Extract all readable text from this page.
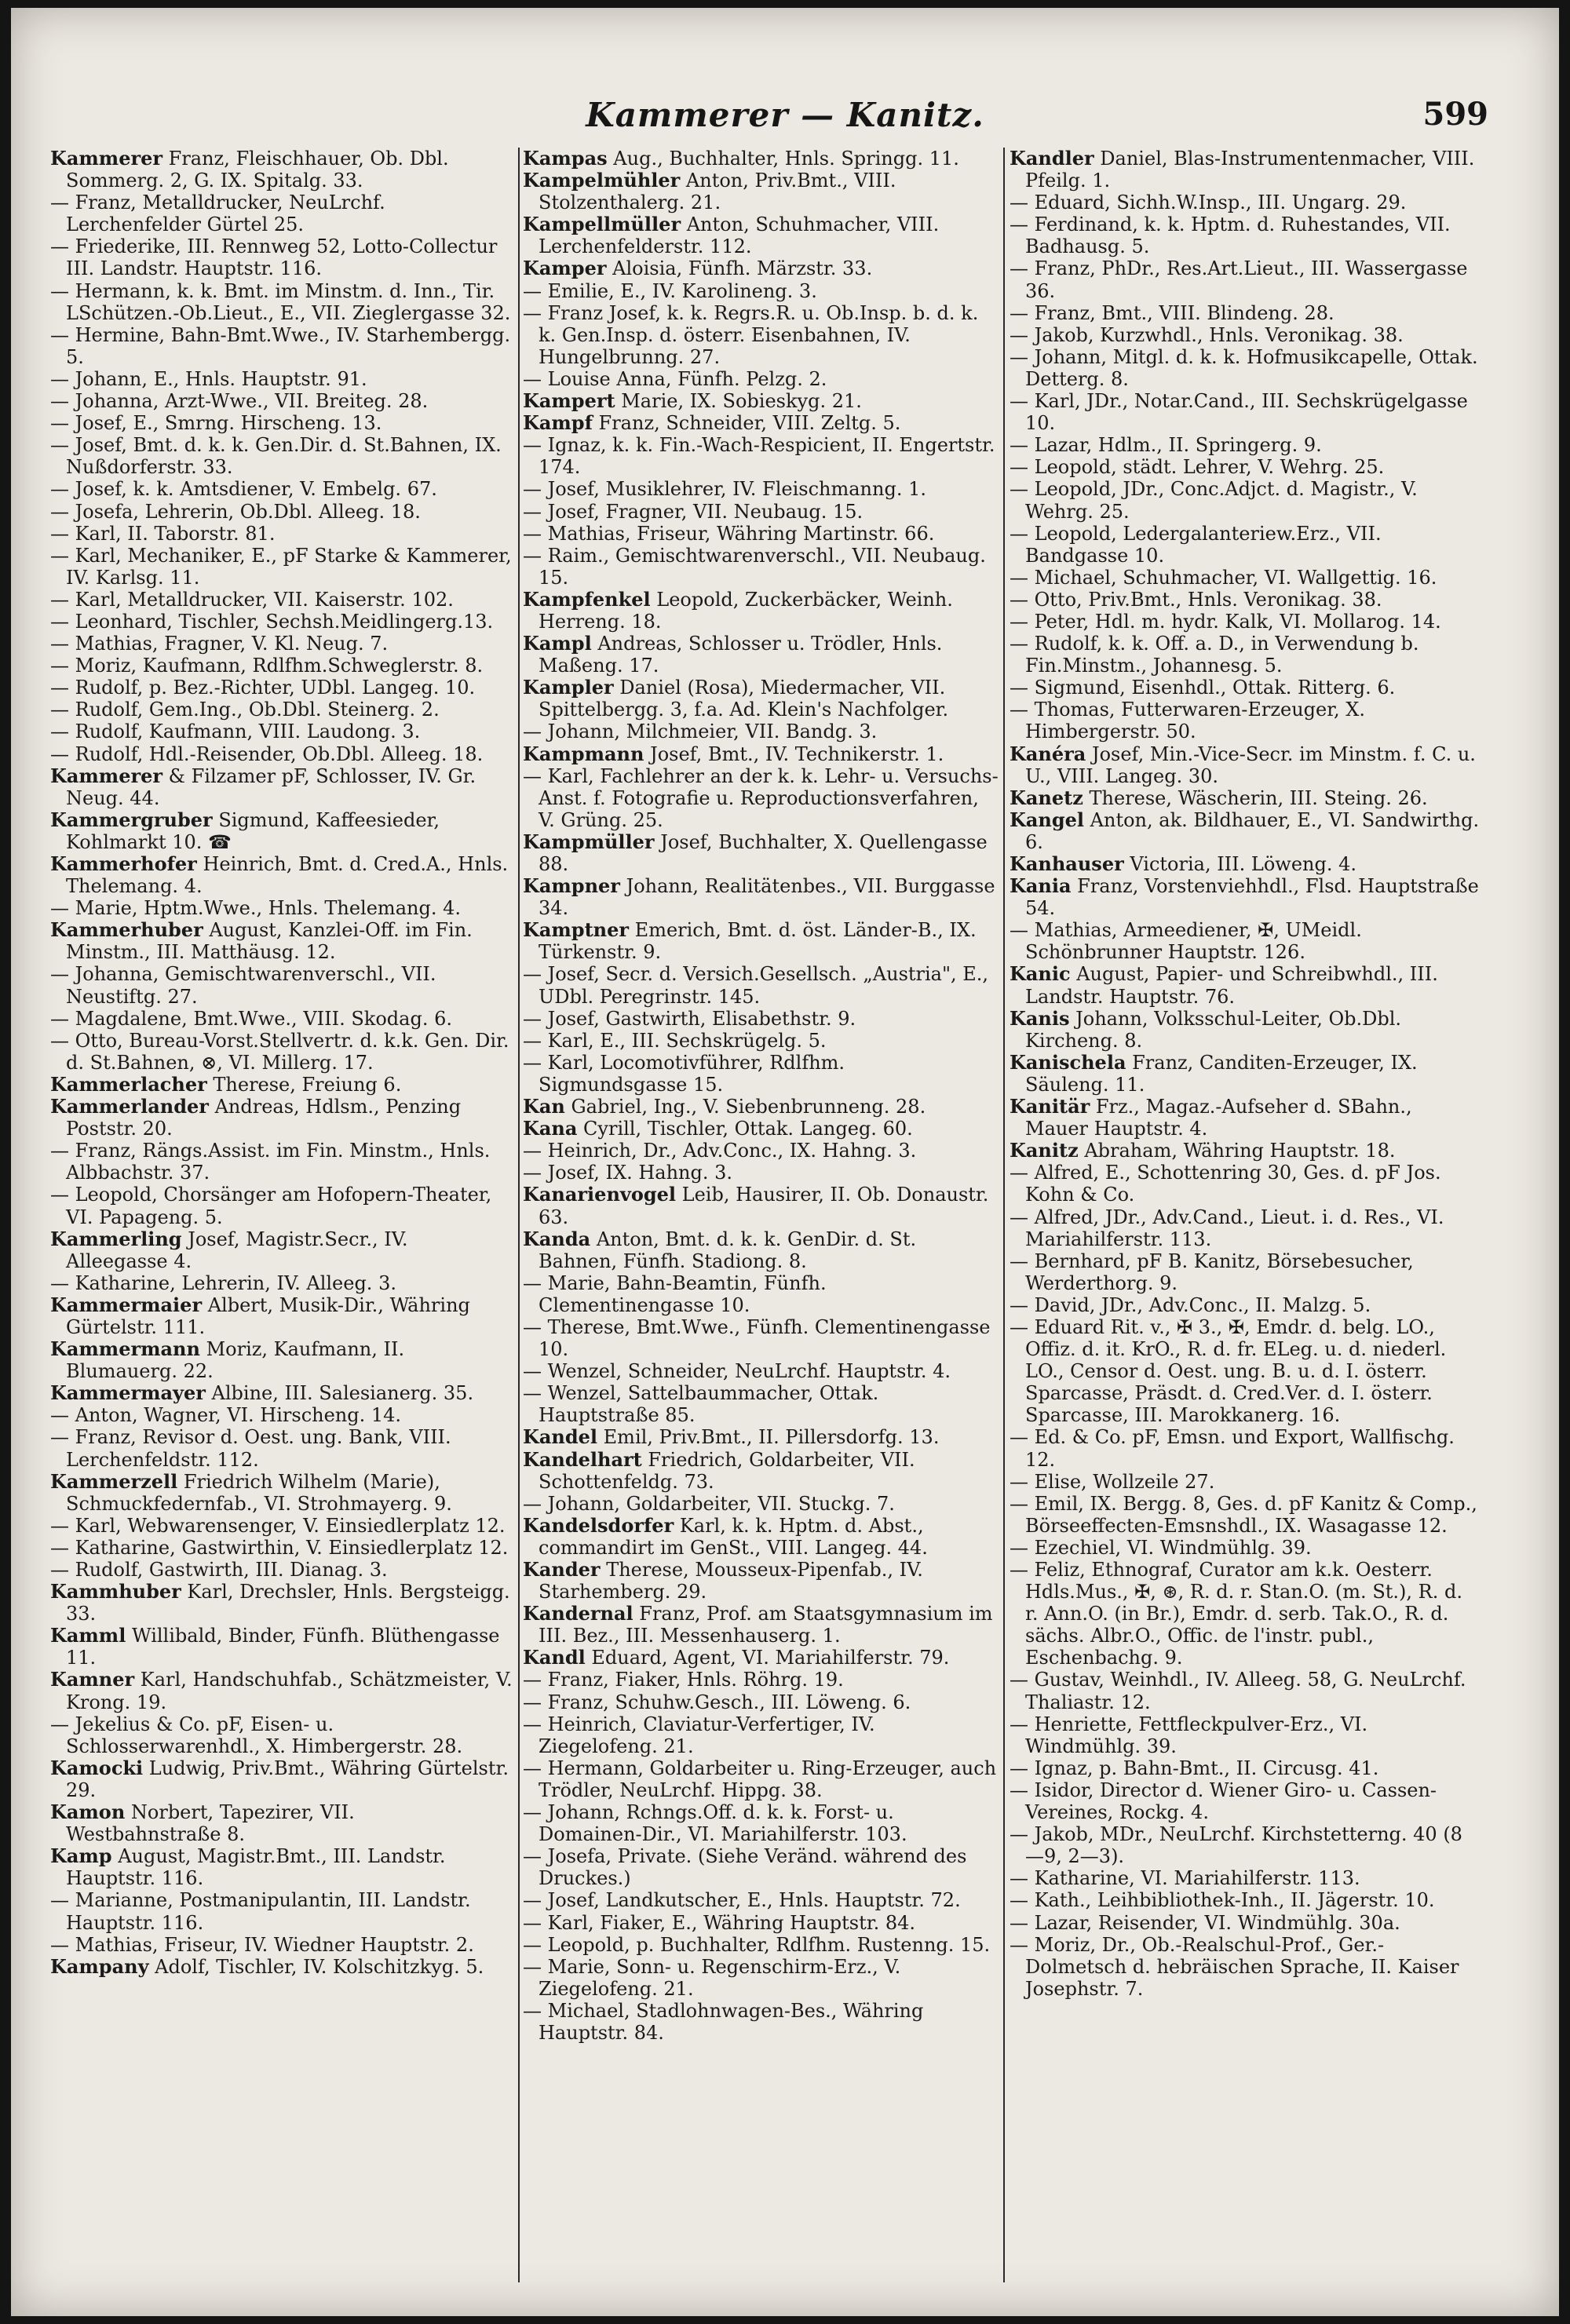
Kammerer — Kanitz.	599

Kammerer Franz, Fleischhauer, Ob. Dbl. Sommerg. 2, G. IX. Spitalg. 33.

— Franz, Metalldrucker, NeuLrchf. Lerchenfelder Gürtel 25.

— Friederike, III. Rennweg 52, Lotto-Collectur III. Landstr. Hauptstr. 116.

— Hermann, k. k. Bmt. im Minstm. d. Inn., Tir. LSchützen.-Ob.Lieut., E., VII. Zieglergasse 32.

— Hermine, Bahn-Bmt.Wwe., IV. Starhembergg. 5.

— Johann, E., Hnls. Hauptstr. 91.

— Johanna, Arzt-Wwe., VII. Breiteg. 28.

— Josef, E., Smrng. Hirscheng. 13.

— Josef, Bmt. d. k. k. Gen.Dir. d. St.Bahnen, IX. Nußdorferstr. 33.

— Josef, k. k. Amtsdiener, V. Embelg. 67.

— Josefa, Lehrerin, Ob.Dbl. Alleeg. 18.

— Karl, II. Taborstr. 81.

— Karl, Mechaniker, E., pF Starke & Kammerer, IV. Karlsg. 11.

— Karl, Metalldrucker, VII. Kaiserstr. 102.

— Leonhard, Tischler, Sechsh.Meidlingerg.13.

— Mathias, Fragner, V. Kl. Neug. 7.

— Moriz, Kaufmann, Rdlfhm.Schweglerstr. 8.

— Rudolf, p. Bez.-Richter, UDbl. Langeg. 10.

— Rudolf, Gem.Ing., Ob.Dbl. Steinerg. 2.

— Rudolf, Kaufmann, VIII. Laudong. 3.

— Rudolf, Hdl.-Reisender, Ob.Dbl. Alleeg. 18.

Kammerer & Filzamer pF, Schlosser, IV. Gr. Neug. 44.

Kammergruber Sigmund, Kaffeesieder, Kohlmarkt 10. ☎

Kammerhofer Heinrich, Bmt. d. Cred.A., Hnls. Thelemang. 4.

— Marie, Hptm.Wwe., Hnls. Thelemang. 4.

Kammerhuber August, Kanzlei-Off. im Fin. Minstm., III. Matthäusg. 12.

— Johanna, Gemischtwarenverschl., VII. Neustiftg. 27.

— Magdalene, Bmt.Wwe., VIII. Skodag. 6.

— Otto, Bureau-Vorst.Stellvertr. d. k.k. Gen. Dir. d. St.Bahnen, ⊗, VI. Millerg. 17.

Kammerlacher Therese, Freiung 6.

Kammerlander Andreas, Hdlsm., Penzing Poststr. 20.

— Franz, Rängs.Assist. im Fin. Minstm., Hnls. Albbachstr. 37.

— Leopold, Chorsänger am Hofopern-Theater, VI. Papageng. 5.

Kammerling Josef, Magistr.Secr., IV. Alleegasse 4.

— Katharine, Lehrerin, IV. Alleeg. 3.

Kammermaier Albert, Musik-Dir., Währing Gürtelstr. 111.

Kammermann Moriz, Kaufmann, II. Blumauerg. 22.

Kammermayer Albine, III. Salesianerg. 35.

— Anton, Wagner, VI. Hirscheng. 14.

— Franz, Revisor d. Oest. ung. Bank, VIII. Lerchenfeldstr. 112.

Kammerzell Friedrich Wilhelm (Marie), Schmuckfedernfab., VI. Strohmayerg. 9.

— Karl, Webwarensenger, V. Einsiedlerplatz 12.

— Katharine, Gastwirthin, V. Einsiedlerplatz 12.

— Rudolf, Gastwirth, III. Dianag. 3.

Kammhuber Karl, Drechsler, Hnls. Bergsteigg. 33.

Kamml Willibald, Binder, Fünfh. Blüthengasse 11.

Kamner Karl, Handschuhfab., Schätzmeister, V. Krong. 19.

— Jekelius & Co. pF, Eisen- u. Schlosserwarenhdl., X. Himbergerstr. 28.

Kamocki Ludwig, Priv.Bmt., Währing Gürtelstr. 29.

Kamon Norbert, Tapezirer, VII. Westbahnstraße 8.

Kamp August, Magistr.Bmt., III. Landstr. Hauptstr. 116.

— Marianne, Postmanipulantin, III. Landstr. Hauptstr. 116.

— Mathias, Friseur, IV. Wiedner Hauptstr. 2.

Kampany Adolf, Tischler, IV. Kolschitzkyg. 5.

Kampas Aug., Buchhalter, Hnls. Springg. 11.

Kampelmühler Anton, Priv.Bmt., VIII. Stolzenthalerg. 21.

Kampellmüller Anton, Schuhmacher, VIII. Lerchenfelderstr. 112.

Kamper Aloisia, Fünfh. Märzstr. 33.

— Emilie, E., IV. Karolineng. 3.

— Franz Josef, k. k. Regrs.R. u. Ob.Insp. b. d. k. k. Gen.Insp. d. österr. Eisenbahnen, IV. Hungelbrunng. 27.

— Louise Anna, Fünfh. Pelzg. 2.

Kampert Marie, IX. Sobieskyg. 21.

Kampf Franz, Schneider, VIII. Zeltg. 5.

— Ignaz, k. k. Fin.-Wach-Respicient, II. Engertstr. 174.

— Josef, Musiklehrer, IV. Fleischmanng. 1.

— Josef, Fragner, VII. Neubaug. 15.

— Mathias, Friseur, Währing Martinstr. 66.

— Raim., Gemischtwarenverschl., VII. Neubaug. 15.

Kampfenkel Leopold, Zuckerbäcker, Weinh. Herreng. 18.

Kampl Andreas, Schlosser u. Trödler, Hnls. Maßeng. 17.

Kampler Daniel (Rosa), Miedermacher, VII. Spittelbergg. 3, f.a. Ad. Klein's Nachfolger.

— Johann, Milchmeier, VII. Bandg. 3.

Kampmann Josef, Bmt., IV. Technikerstr. 1.

— Karl, Fachlehrer an der k. k. Lehr- u. Versuchs-Anst. f. Fotografie u. Reproductionsverfahren, V. Grüng. 25.

Kampmüller Josef, Buchhalter, X. Quellengasse 88.

Kampner Johann, Realitätenbes., VII. Burggasse 34.

Kamptner Emerich, Bmt. d. öst. Länder-B., IX. Türkenstr. 9.

— Josef, Secr. d. Versich.Gesellsch. „Austria", E., UDbl. Peregrinstr. 145.

— Josef, Gastwirth, Elisabethstr. 9.

— Karl, E., III. Sechskrügelg. 5.

— Karl, Locomotivführer, Rdlfhm. Sigmundsgasse 15.

Kan Gabriel, Ing., V. Siebenbrunneng. 28.

Kana Cyrill, Tischler, Ottak. Langeg. 60.

— Heinrich, Dr., Adv.Conc., IX. Hahng. 3.

— Josef, IX. Hahng. 3.

Kanarienvogel Leib, Hausirer, II. Ob. Donaustr. 63.

Kanda Anton, Bmt. d. k. k. GenDir. d. St. Bahnen, Fünfh. Stadiong. 8.

— Marie, Bahn-Beamtin, Fünfh. Clementinengasse 10.

— Therese, Bmt.Wwe., Fünfh. Clementinengasse 10.

— Wenzel, Schneider, NeuLrchf. Hauptstr. 4.

— Wenzel, Sattelbaummacher, Ottak. Hauptstraße 85.

Kandel Emil, Priv.Bmt., II. Pillersdorfg. 13.

Kandelhart Friedrich, Goldarbeiter, VII. Schottenfeldg. 73.

— Johann, Goldarbeiter, VII. Stuckg. 7.

Kandelsdorfer Karl, k. k. Hptm. d. Abst., commandirt im GenSt., VIII. Langeg. 44.

Kander Therese, Mousseux-Pipenfab., IV. Starhemberg. 29.

Kandernal Franz, Prof. am Staatsgymnasium im III. Bez., III. Messenhauserg. 1.

Kandl Eduard, Agent, VI. Mariahilferstr. 79.

— Franz, Fiaker, Hnls. Röhrg. 19.

— Franz, Schuhw.Gesch., III. Löweng. 6.

— Heinrich, Claviatur-Verfertiger, IV. Ziegelofeng. 21.

— Hermann, Goldarbeiter u. Ring-Erzeuger, auch Trödler, NeuLrchf. Hippg. 38.

— Johann, Rchngs.Off. d. k. k. Forst- u. Domainen-Dir., VI. Mariahilferstr. 103.

— Josefa, Private. (Siehe Veränd. während des Druckes.)

— Josef, Landkutscher, E., Hnls. Hauptstr. 72.

— Karl, Fiaker, E., Währing Hauptstr. 84.

— Leopold, p. Buchhalter, Rdlfhm. Rustenng. 15.

— Marie, Sonn- u. Regenschirm-Erz., V. Ziegelofeng. 21.

— Michael, Stadlohnwagen-Bes., Währing Hauptstr. 84.

Kandler Daniel, Blas-Instrumentenmacher, VIII. Pfeilg. 1.

— Eduard, Sichh.W.Insp., III. Ungarg. 29.

— Ferdinand, k. k. Hptm. d. Ruhestandes, VII. Badhausg. 5.

— Franz, PhDr., Res.Art.Lieut., III. Wassergasse 36.

— Franz, Bmt., VIII. Blindeng. 28.

— Jakob, Kurzwhdl., Hnls. Veronikag. 38.

— Johann, Mitgl. d. k. k. Hofmusikcapelle, Ottak. Detterg. 8.

— Karl, JDr., Notar.Cand., III. Sechskrügelgasse 10.

— Lazar, Hdlm., II. Springerg. 9.

— Leopold, städt. Lehrer, V. Wehrg. 25.

— Leopold, JDr., Conc.Adjct. d. Magistr., V. Wehrg. 25.

— Leopold, Ledergalanteriew.Erz., VII. Bandgasse 10.

— Michael, Schuhmacher, VI. Wallgettig. 16.

— Otto, Priv.Bmt., Hnls. Veronikag. 38.

— Peter, Hdl. m. hydr. Kalk, VI. Mollarog. 14.

— Rudolf, k. k. Off. a. D., in Verwendung b. Fin.Minstm., Johannesg. 5.

— Sigmund, Eisenhdl., Ottak. Ritterg. 6.

— Thomas, Futterwaren-Erzeuger, X. Himbergerstr. 50.

Kanéra Josef, Min.-Vice-Secr. im Minstm. f. C. u. U., VIII. Langeg. 30.

Kanetz Therese, Wäscherin, III. Steing. 26.

Kangel Anton, ak. Bildhauer, E., VI. Sandwirthg. 6.

Kanhauser Victoria, III. Löweng. 4.

Kania Franz, Vorstenviehhdl., Flsd. Hauptstraße 54.

— Mathias, Armeediener, ✠, UMeidl. Schönbrunner Hauptstr. 126.

Kanic August, Papier- und Schreibwhdl., III. Landstr. Hauptstr. 76.

Kanis Johann, Volksschul-Leiter, Ob.Dbl. Kircheng. 8.

Kanischela Franz, Canditen-Erzeuger, IX. Säuleng. 11.

Kanitär Frz., Magaz.-Aufseher d. SBahn., Mauer Hauptstr. 4.

Kanitz Abraham, Währing Hauptstr. 18.

— Alfred, E., Schottenring 30, Ges. d. pF Jos. Kohn & Co.

— Alfred, JDr., Adv.Cand., Lieut. i. d. Res., VI. Mariahilferstr. 113.

— Bernhard, pF B. Kanitz, Börsebesucher, Werderthorg. 9.

— David, JDr., Adv.Conc., II. Malzg. 5.

— Eduard Rit. v., ✠ 3., ✠, Emdr. d. belg. LO., Offiz. d. it. KrO., R. d. fr. ELeg. u. d. niederl. LO., Censor d. Oest. ung. B. u. d. I. österr. Sparcasse, Präsdt. d. Cred.Ver. d. I. österr. Sparcasse, III. Marokkanerg. 16.

— Ed. & Co. pF, Emsn. und Export, Wallfischg. 12.

— Elise, Wollzeile 27.

— Emil, IX. Bergg. 8, Ges. d. pF Kanitz & Comp., Börseeffecten-Emsnshdl., IX. Wasagasse 12.

— Ezechiel, VI. Windmühlg. 39.

— Feliz, Ethnograf, Curator am k.k. Oesterr. Hdls.Mus., ✠, ⊛, R. d. r. Stan.O. (m. St.), R. d. r. Ann.O. (in Br.), Emdr. d. serb. Tak.O., R. d. sächs. Albr.O., Offic. de l'instr. publ., Eschenbachg. 9.

— Gustav, Weinhdl., IV. Alleeg. 58, G. NeuLrchf. Thaliastr. 12.

— Henriette, Fettfleckpulver-Erz., VI. Windmühlg. 39.

— Ignaz, p. Bahn-Bmt., II. Circusg. 41.

— Isidor, Director d. Wiener Giro- u. Cassen-Vereines, Rockg. 4.

— Jakob, MDr., NeuLrchf. Kirchstetterng. 40 (8—9, 2—3).

— Katharine, VI. Mariahilferstr. 113.

— Kath., Leihbibliothek-Inh., II. Jägerstr. 10.

— Lazar, Reisender, VI. Windmühlg. 30a.

— Moriz, Dr., Ob.-Realschul-Prof., Ger.-Dolmetsch d. hebräischen Sprache, II. Kaiser Josephstr. 7.
